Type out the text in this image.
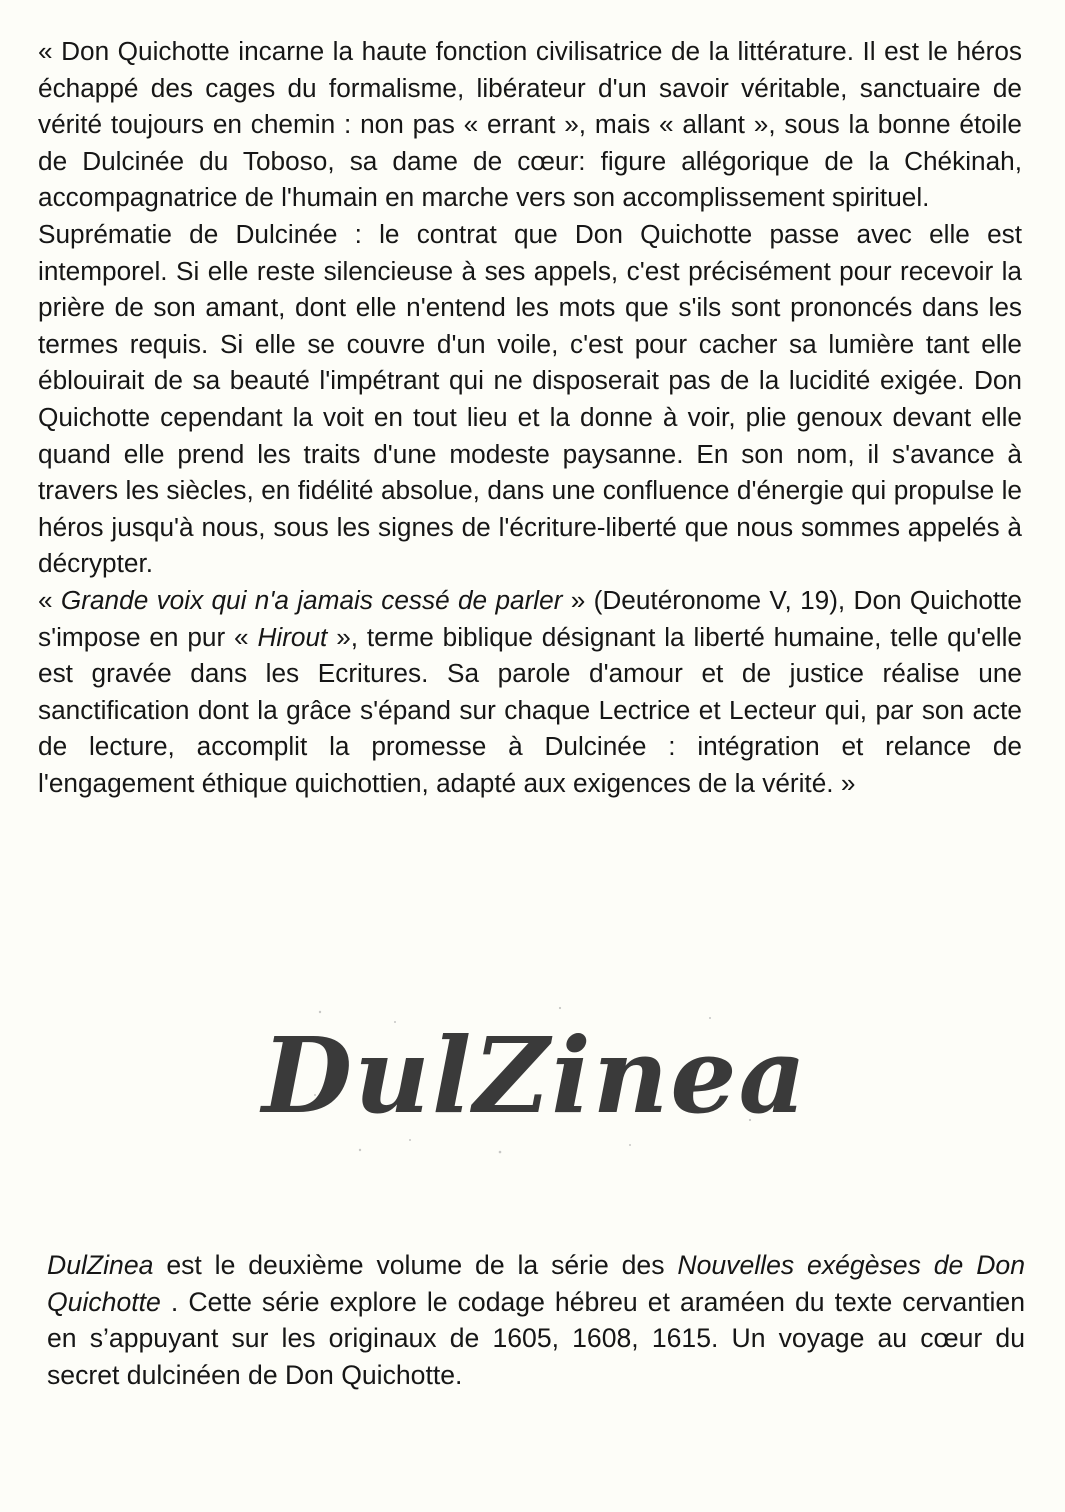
« Don Quichotte incarne la haute fonction civilisatrice de la littérature. Il est le héros échappé des cages du formalisme, libérateur d'un savoir véritable, sanctuaire de vérité toujours en chemin : non pas « errant », mais « allant », sous la bonne étoile de Dulcinée du Toboso, sa dame de cœur: figure allégorique de la Chékinah, accompagnatrice de l'humain en marche vers son accomplissement spirituel.

Suprématie de Dulcinée : le contrat que Don Quichotte passe avec elle est intemporel. Si elle reste silencieuse à ses appels, c'est précisément pour recevoir la prière de son amant, dont elle n'entend les mots que s'ils sont prononcés dans les termes requis. Si elle se couvre d'un voile, c'est pour cacher sa lumière tant elle éblouirait de sa beauté l'impétrant qui ne disposerait pas de la lucidité exigée. Don Quichotte cependant la voit en tout lieu et la donne à voir, plie genoux devant elle quand elle prend les traits d'une modeste paysanne. En son nom, il s'avance à travers les siècles, en fidélité absolue, dans une confluence d'énergie qui propulse le héros jusqu'à nous, sous les signes de l'écriture-liberté que nous sommes appelés à décrypter.

« Grande voix qui n'a jamais cessé de parler » (Deutéronome V, 19), Don Quichotte s'impose en pur « Hirout », terme biblique désignant la liberté humaine, telle qu'elle est gravée dans les Ecritures. Sa parole d'amour et de justice réalise une sanctification dont la grâce s'épand sur chaque Lectrice et Lecteur qui, par son acte de lecture, accomplit la promesse à Dulcinée : intégration et relance de l'engagement éthique quichottien, adapté aux exigences de la vérité. »

DulZinea

DulZinea est le deuxième volume de la série des Nouvelles exégèses de Don Quichotte . Cette série explore le codage hébreu et araméen du texte cervantien en s’appuyant sur les originaux de 1605, 1608, 1615. Un voyage au cœur du secret dulcinéen de Don Quichotte.
